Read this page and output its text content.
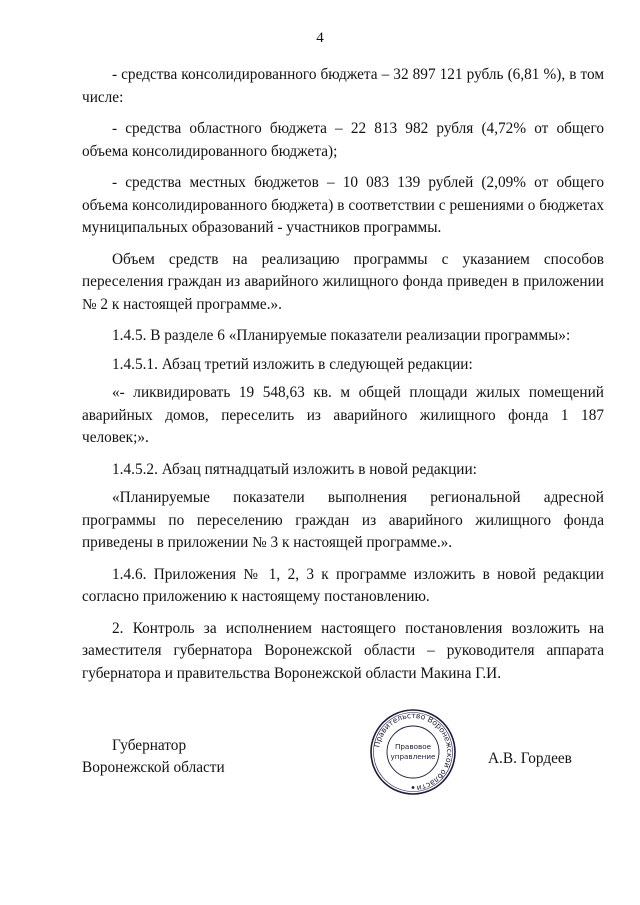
4

- средства консолидированного бюджета – 32 897 121 рубль (6,81 %), в том числе:

- средства областного бюджета – 22 813 982 рубля (4,72% от общего объема консолидированного бюджета);

- средства местных бюджетов – 10 083 139 рублей (2,09% от общего объема консолидированного бюджета) в соответствии с решениями о бюджетах муниципальных образований - участников программы.

Объем средств на реализацию программы с указанием способов переселения граждан из аварийного жилищного фонда приведен в приложении № 2 к настоящей программе.».

1.4.5. В разделе 6 «Планируемые показатели реализации программы»:

1.4.5.1. Абзац третий изложить в следующей редакции:

«- ликвидировать 19 548,63 кв. м общей площади жилых помещений аварийных домов, переселить из аварийного жилищного фонда 1 187 человек;».

1.4.5.2. Абзац пятнадцатый изложить в новой редакции:

«Планируемые показатели выполнения региональной адресной программы по переселению граждан из аварийного жилищного фонда приведены в приложении № 3 к настоящей программе.».

1.4.6. Приложения № 1, 2, 3 к программе изложить в новой редакции согласно приложению к настоящему постановлению.

2. Контроль за исполнением настоящего постановления возложить на заместителя губернатора Воронежской области – руководителя аппарата губернатора и правительства Воронежской области Макина Г.И.

Губернатор
Воронежской области
Правительство Воронежской области
Правовое
управление	А.В. Гордеев
